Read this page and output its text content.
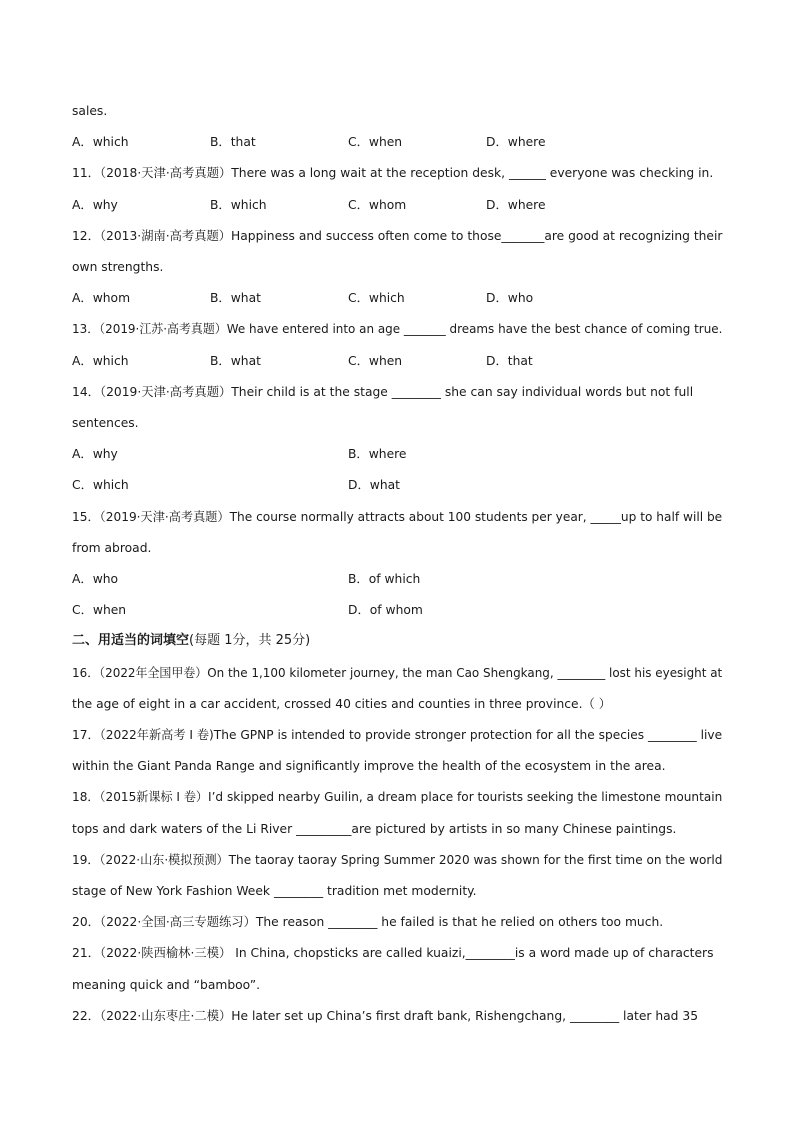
sales.
A．which	B．that	C．when	D．where
11．（2018·天津·高考真题）There was a long wait at the reception desk, ______ everyone was checking in.
A．why	B．which	C．whom	D．where
12．（2013·湖南·高考真题）Happiness and success often come to those_______are good at recognizing their
own strengths.
A．whom	B．what	C．which	D．who
13．（2019·江苏·高考真题）We have entered into an age _______ dreams have the best chance of coming true.
A．which	B．what	C．when	D．that
14．（2019·天津·高考真题）Their child is at the stage ________ she can say individual words but not full
sentences.
A．why	B．where
C．which	D．what
15．（2019·天津·高考真题）The course normally attracts about 100 students per year, _____up to half will be
from abroad.
A．who	B．of which
C．when	D．of whom
二、用适当的词填空(每题 1分，共 25分)
16．（2022年全国甲卷）On the 1,100 kilometer journey, the man Cao Shengkang, ________ lost his eyesight at
the age of eight in a car accident, crossed 40 cities and counties in three province.（ ）
17．（2022年新高考 I 卷)The GPNP is intended to provide stronger protection for all the species ________ live
within the Giant Panda Range and significantly improve the health of the ecosystem in the area.
18．（2015新课标 I 卷）I’d skipped nearby Guilin, a dream place for tourists seeking the limestone mountain
tops and dark waters of the Li River _________are pictured by artists in so many Chinese paintings.
19．（2022·山东·模拟预测）The taoray taoray Spring Summer 2020 was shown for the first time on the world
stage of New York Fashion Week ________ tradition met modernity.
20．（2022·全国·高三专题练习）The reason ________ he failed is that he relied on others too much.
21．（2022·陕西榆林·三模） In China, chopsticks are called kuaizi,________is a word made up of characters
meaning quick and “bamboo”.
22．（2022·山东枣庄·二模）He later set up China’s first draft bank, Rishengchang, ________ later had 35
